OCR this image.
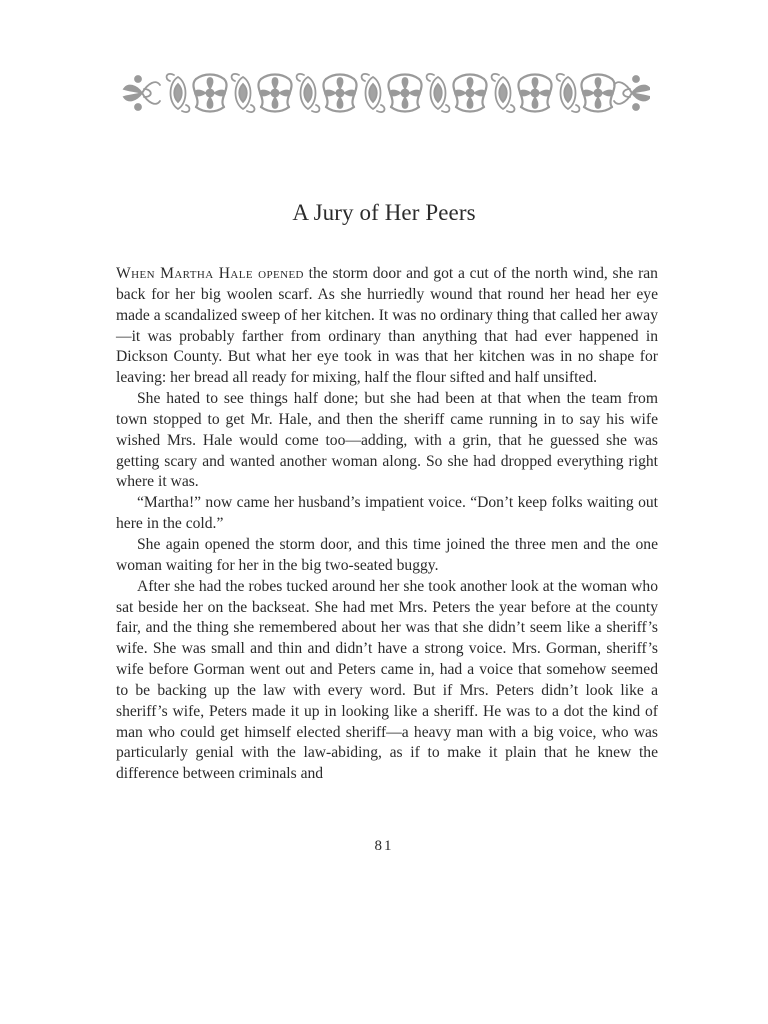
A Jury of Her Peers

When Martha Hale opened the storm door and got a cut of the north wind, she ran back for her big woolen scarf. As she hurriedly wound that round her head her eye made a scandalized sweep of her kitchen. It was no ordinary thing that called her away—it was probably farther from ordinary than anything that had ever happened in Dickson County. But what her eye took in was that her kitchen was in no shape for leaving: her bread all ready for mixing, half the flour sifted and half unsifted.

She hated to see things half done; but she had been at that when the team from town stopped to get Mr. Hale, and then the sheriff came running in to say his wife wished Mrs. Hale would come too—adding, with a grin, that he guessed she was getting scary and wanted another woman along. So she had dropped everything right where it was.

“Martha!” now came her husband’s impatient voice. “Don’t keep folks waiting out here in the cold.”

She again opened the storm door, and this time joined the three men and the one woman waiting for her in the big two-seated buggy.

After she had the robes tucked around her she took another look at the woman who sat beside her on the backseat. She had met Mrs. Peters the year before at the county fair, and the thing she remembered about her was that she didn’t seem like a sheriff’s wife. She was small and thin and didn’t have a strong voice. Mrs. Gorman, sheriff’s wife before Gorman went out and Peters came in, had a voice that somehow seemed to be backing up the law with every word. But if Mrs. Peters didn’t look like a sheriff’s wife, Peters made it up in looking like a sheriff. He was to a dot the kind of man who could get himself elected sheriff—a heavy man with a big voice, who was particularly genial with the law-abiding, as if to make it plain that he knew the difference between criminals and

81
